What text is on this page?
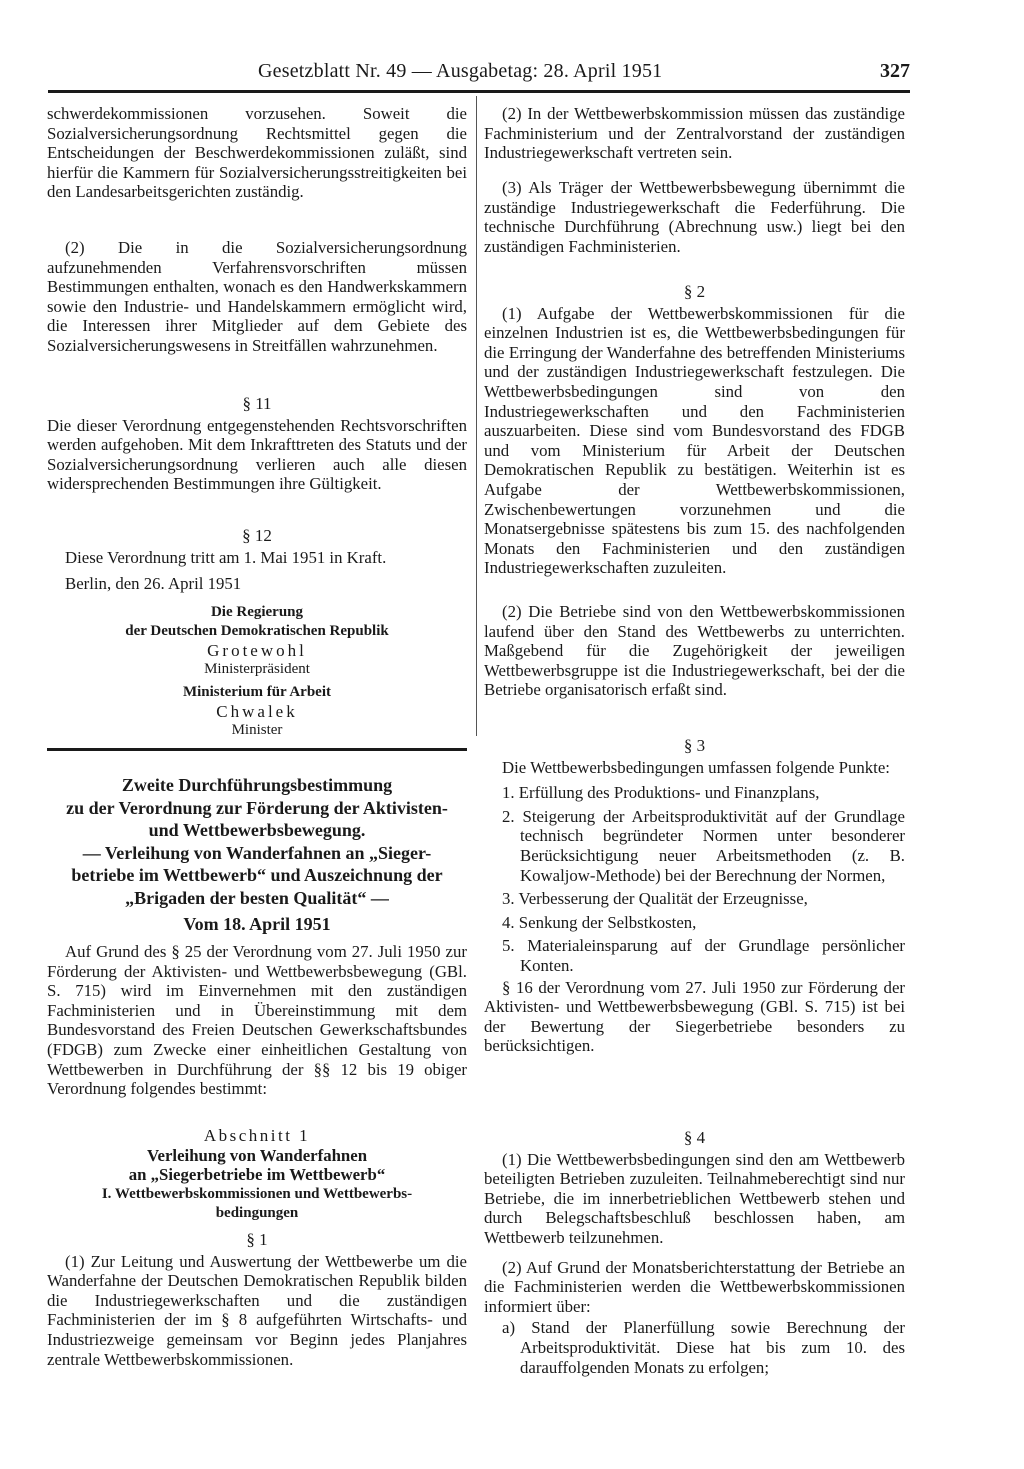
Gesetzblatt Nr. 49 — Ausgabetag: 28. April 1951	327

schwerdekommissionen vorzusehen. Soweit die Sozialversicherungsordnung Rechtsmittel gegen die Entscheidungen der Beschwerdekommissionen zuläßt, sind hierfür die Kammern für Sozialversicherungsstreitigkeiten bei den Landesarbeitsgerichten zuständig.

(2) Die in die Sozialversicherungsordnung aufzunehmenden Verfahrensvorschriften müssen Bestimmungen enthalten, wonach es den Handwerkskammern sowie den Industrie- und Handelskammern ermöglicht wird, die Interessen ihrer Mitglieder auf dem Gebiete des Sozialversicherungswesens in Streitfällen wahrzunehmen.

§ 11

Die dieser Verordnung entgegenstehenden Rechtsvorschriften werden aufgehoben. Mit dem Inkrafttreten des Statuts und der Sozialversicherungsordnung verlieren auch alle diesen widersprechenden Bestimmungen ihre Gültigkeit.

§ 12

Diese Verordnung tritt am 1. Mai 1951 in Kraft.

Berlin, den 26. April 1951

Die Regierung

der Deutschen Demokratischen Republik

Grotewohl

Ministerpräsident

Ministerium für Arbeit

Chwalek

Minister

Zweite Durchführungsbestimmung

zu der Verordnung zur Förderung der Aktivisten-

und Wettbewerbsbewegung.

— Verleihung von Wanderfahnen an „Sieger-

betriebe im Wettbewerb“ und Auszeichnung der

„Brigaden der besten Qualität“ —

Vom 18. April 1951

Auf Grund des § 25 der Verordnung vom 27. Juli 1950 zur Förderung der Aktivisten- und Wettbewerbsbewegung (GBl. S. 715) wird im Einvernehmen mit den zuständigen Fachministerien und in Übereinstimmung mit dem Bundesvorstand des Freien Deutschen Gewerkschaftsbundes (FDGB) zum Zwecke einer einheitlichen Gestaltung von Wettbewerben in Durchführung der §§ 12 bis 19 obiger Verordnung folgendes bestimmt:

Abschnitt 1

Verleihung von Wanderfahnen

an „Siegerbetriebe im Wettbewerb“

I. Wettbewerbskommissionen und Wettbewerbs-

bedingungen

§ 1

(1) Zur Leitung und Auswertung der Wettbewerbe um die Wanderfahne der Deutschen Demokratischen Republik bilden die Industriegewerkschaften und die zuständigen Fachministerien der im § 8 aufgeführten Wirtschafts- und Industriezweige gemeinsam vor Beginn jedes Planjahres zentrale Wettbewerbskommissionen.

(2) In der Wettbewerbskommission müssen das zuständige Fachministerium und der Zentralvorstand der zuständigen Industriegewerkschaft vertreten sein.

(3) Als Träger der Wettbewerbsbewegung übernimmt die zuständige Industriegewerkschaft die Federführung. Die technische Durchführung (Abrechnung usw.) liegt bei den zuständigen Fachministerien.

§ 2

(1) Aufgabe der Wettbewerbskommissionen für die einzelnen Industrien ist es, die Wettbewerbsbedingungen für die Erringung der Wanderfahne des betreffenden Ministeriums und der zuständigen Industriegewerkschaft festzulegen. Die Wettbewerbsbedingungen sind von den Industriegewerkschaften und den Fachministerien auszuarbeiten. Diese sind vom Bundesvorstand des FDGB und vom Ministerium für Arbeit der Deutschen Demokratischen Republik zu bestätigen. Weiterhin ist es Aufgabe der Wettbewerbskommissionen, Zwischenbewertungen vorzunehmen und die Monatsergebnisse spätestens bis zum 15. des nachfolgenden Monats den Fachministerien und den zuständigen Industriegewerkschaften zuzuleiten.

(2) Die Betriebe sind von den Wettbewerbskommissionen laufend über den Stand des Wettbewerbs zu unterrichten. Maßgebend für die Zugehörigkeit der jeweiligen Wettbewerbsgruppe ist die Industriegewerkschaft, bei der die Betriebe organisatorisch erfaßt sind.

§ 3

Die Wettbewerbsbedingungen umfassen folgende Punkte:

1. Erfüllung des Produktions- und Finanzplans,

2. Steigerung der Arbeitsproduktivität auf der Grundlage technisch begründeter Normen unter besonderer Berücksichtigung neuer Arbeitsmethoden (z. B. Kowaljow-Methode) bei der Berechnung der Normen,

3. Verbesserung der Qualität der Erzeugnisse,

4. Senkung der Selbstkosten,

5. Materialeinsparung auf der Grundlage persönlicher Konten.

§ 16 der Verordnung vom 27. Juli 1950 zur Förderung der Aktivisten- und Wettbewerbsbewegung (GBl. S. 715) ist bei der Bewertung der Siegerbetriebe besonders zu berücksichtigen.

§ 4

(1) Die Wettbewerbsbedingungen sind den am Wettbewerb beteiligten Betrieben zuzuleiten. Teilnahmeberechtigt sind nur Betriebe, die im innerbetrieblichen Wettbewerb stehen und durch Belegschaftsbeschluß beschlossen haben, am Wettbewerb teilzunehmen.

(2) Auf Grund der Monatsberichterstattung der Betriebe an die Fachministerien werden die Wettbewerbskommissionen informiert über:

a) Stand der Planerfüllung sowie Berechnung der Arbeitsproduktivität. Diese hat bis zum 10. des darauffolgenden Monats zu erfolgen;
